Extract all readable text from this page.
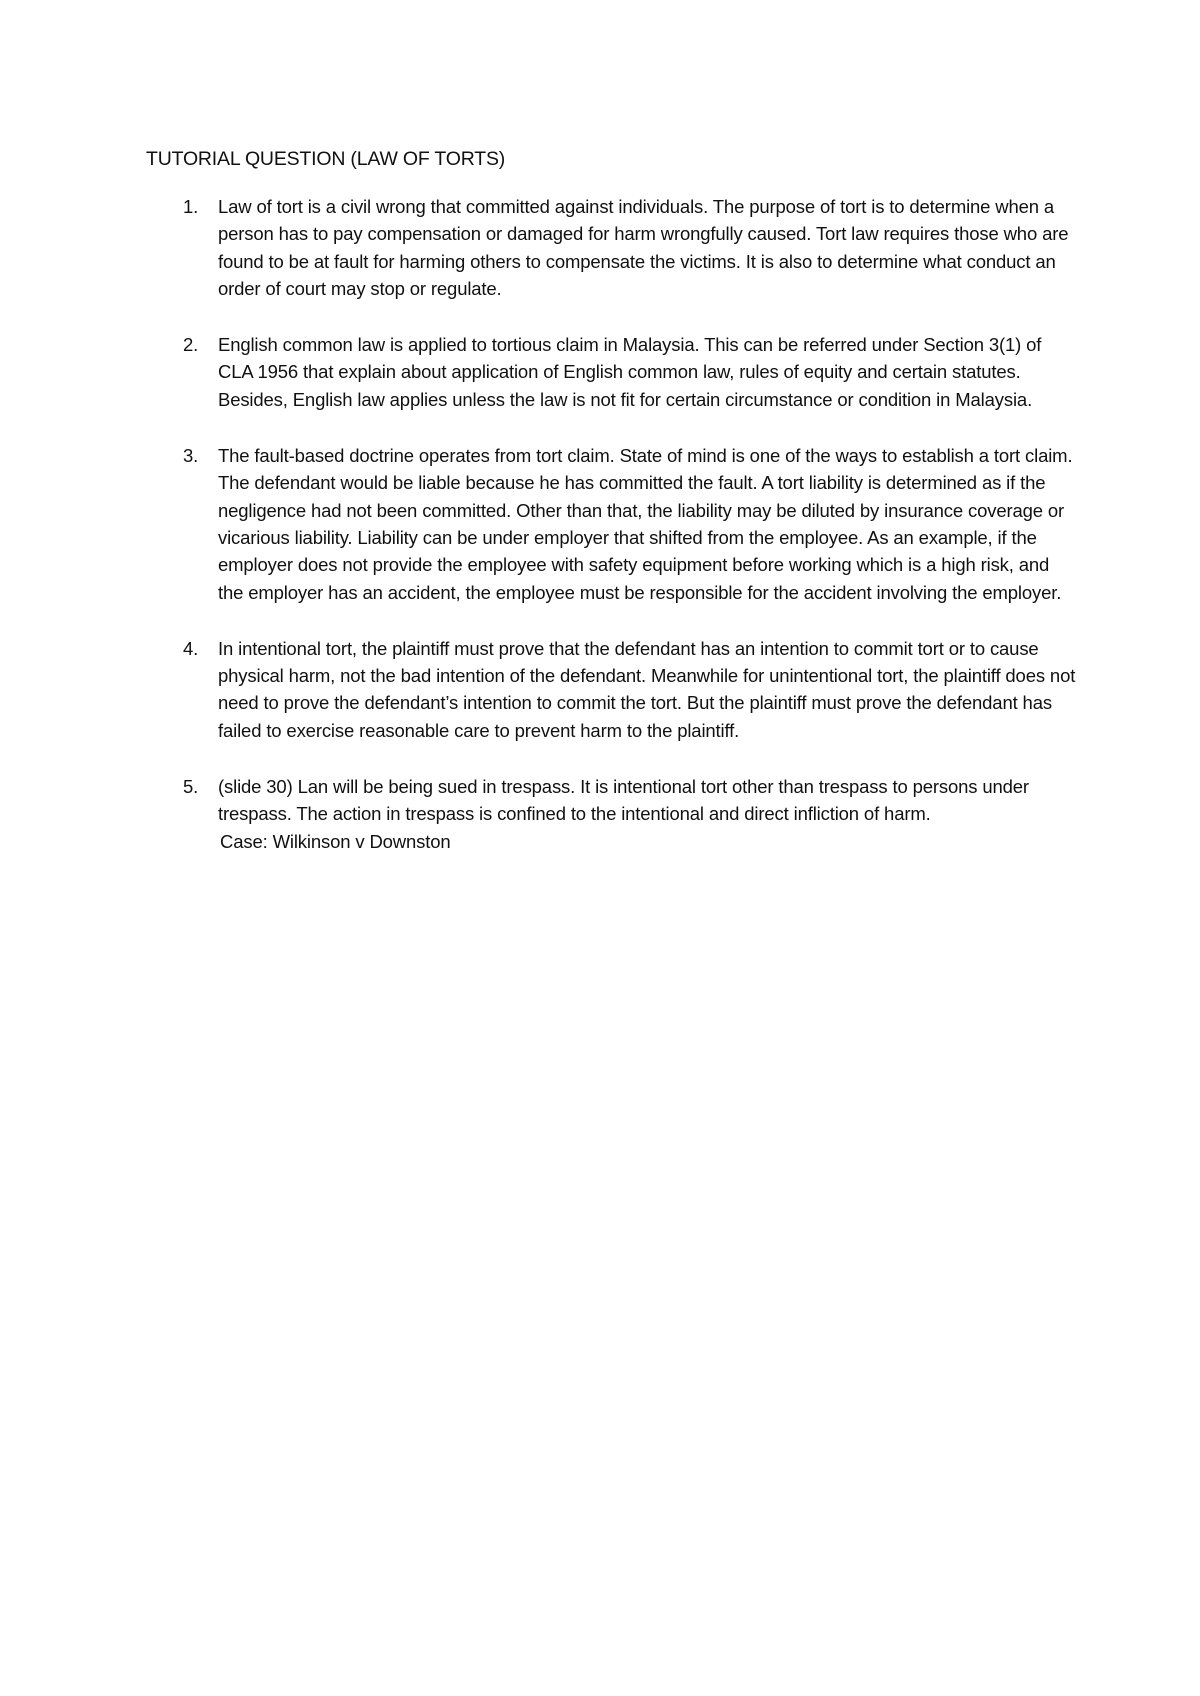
TUTORIAL QUESTION (LAW OF TORTS)
1. Law of tort is a civil wrong that committed against individuals. The purpose of tort is to determine when a person has to pay compensation or damaged for harm wrongfully caused. Tort law requires those who are found to be at fault for harming others to compensate the victims. It is also to determine what conduct an order of court may stop or regulate.
2. English common law is applied to tortious claim in Malaysia. This can be referred under Section 3(1) of CLA 1956 that explain about application of English common law, rules of equity and certain statutes. Besides, English law applies unless the law is not fit for certain circumstance or condition in Malaysia.
3. The fault-based doctrine operates from tort claim. State of mind is one of the ways to establish a tort claim. The defendant would be liable because he has committed the fault. A tort liability is determined as if the negligence had not been committed. Other than that, the liability may be diluted by insurance coverage or vicarious liability. Liability can be under employer that shifted from the employee. As an example, if the employer does not provide the employee with safety equipment before working which is a high risk, and the employer has an accident, the employee must be responsible for the accident involving the employer.
4. In intentional tort, the plaintiff must prove that the defendant has an intention to commit tort or to cause physical harm, not the bad intention of the defendant. Meanwhile for unintentional tort, the plaintiff does not need to prove the defendant’s intention to commit the tort. But the plaintiff must prove the defendant has failed to exercise reasonable care to prevent harm to the plaintiff.
5. (slide 30) Lan will be being sued in trespass. It is intentional tort other than trespass to persons under trespass. The action in trespass is confined to the intentional and direct infliction of harm.
Case: Wilkinson v Downston
